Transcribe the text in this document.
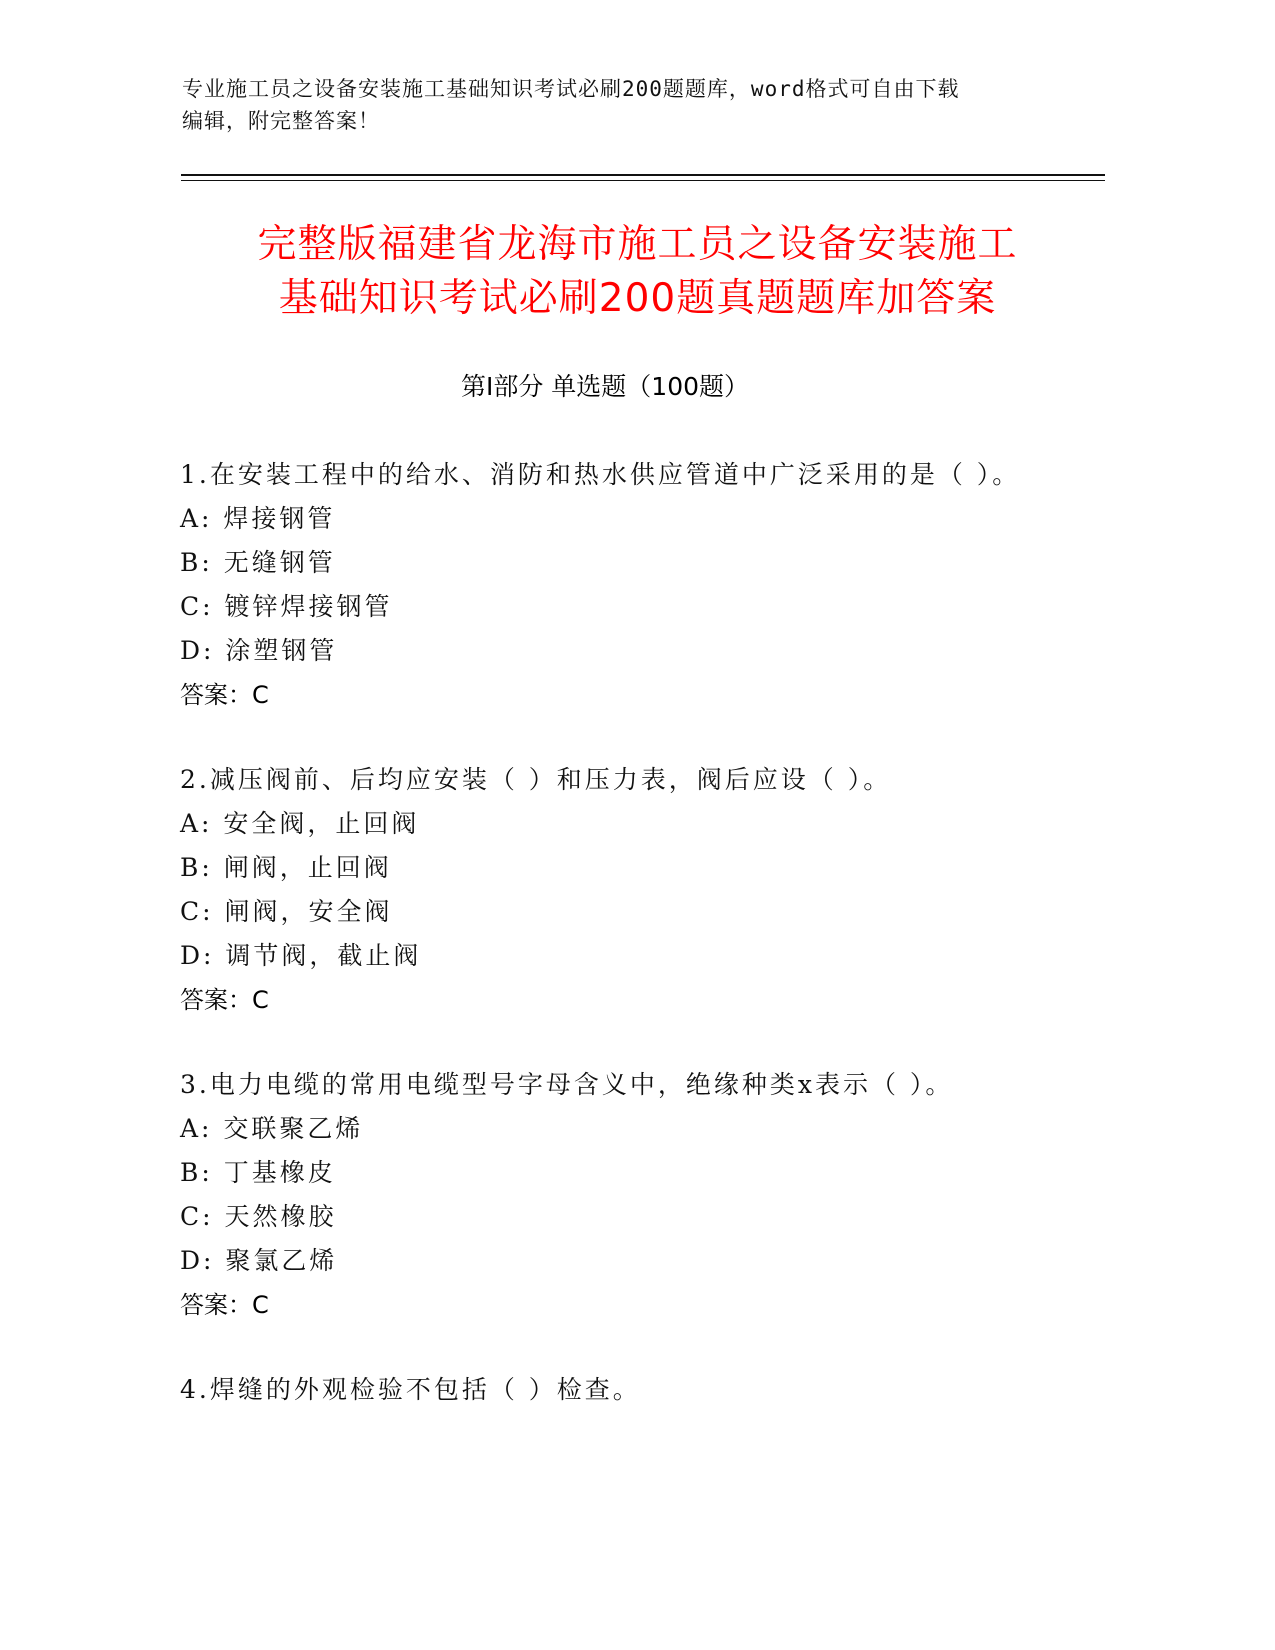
专业施工员之设备安装施工基础知识考试必刷200题题库，word格式可自由下载
编辑，附完整答案！
完整版福建省龙海市施工员之设备安装施工
基础知识考试必刷200题真题题库加答案
第Ⅰ部分 单选题（100题）
1.在安装工程中的给水、消防和热水供应管道中广泛采用的是（ ）。
A: 焊接钢管
B: 无缝钢管
C: 镀锌焊接钢管
D: 涂塑钢管
答案：C
2.减压阀前、后均应安装（ ）和压力表，阀后应设（ ）。
A: 安全阀，止回阀
B: 闸阀，止回阀
C: 闸阀，安全阀
D: 调节阀，截止阀
答案：C
3.电力电缆的常用电缆型号字母含义中，绝缘种类x表示（ ）。
A: 交联聚乙烯
B: 丁基橡皮
C: 天然橡胶
D: 聚氯乙烯
答案：C
4.焊缝的外观检验不包括（ ）检查。
